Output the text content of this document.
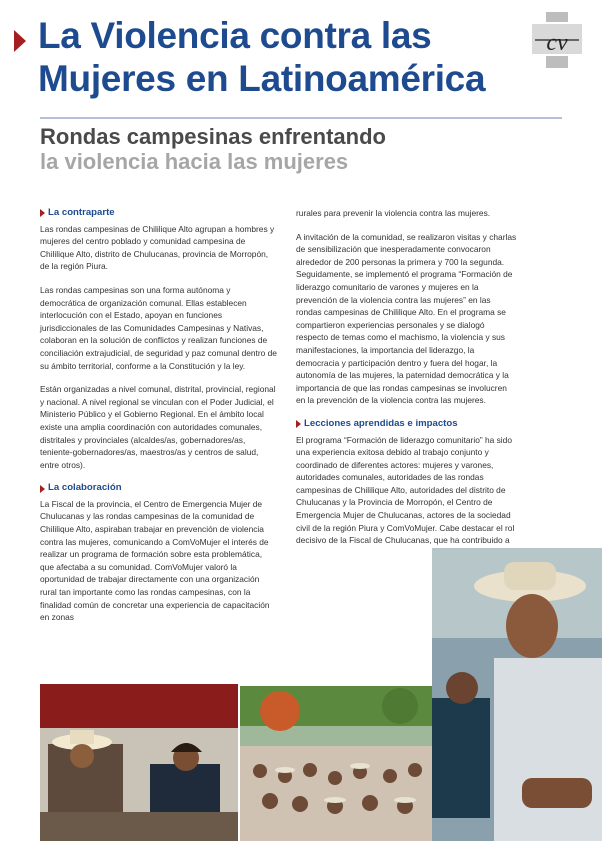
La Violencia contra las
Mujeres en Latinoamérica
cv
Rondas campesinas enfrentando
la violencia hacia las mujeres
La contraparte

Las rondas campesinas de Chililique Alto agrupan a hombres y mujeres del centro poblado y comunidad campesina de Chililique Alto, distrito de Chulucanas, provincia de Morropón, de la región Piura.

Las rondas campesinas son una forma autónoma y democrática de organización comunal. Ellas establecen interlocución con el Estado, apoyan en funciones jurisdiccionales de las Comunidades Campesinas y Nativas, colaboran en la solución de conflictos y realizan funciones de conciliación extrajudicial, de seguridad y paz comunal dentro de su ámbito territorial, conforme a la Constitución y la ley.

Están organizadas a nivel comunal, distrital, provincial, regional y nacional. A nivel regional se vinculan con el Poder Judicial, el Ministerio Público y el Gobierno Regional. En el ámbito local existe una amplia coordinación con autoridades comunales, distritales y provinciales (alcaldes/as, gobernadores/as, teniente-gobernadores/as, maestros/as y centros de salud, entre otros).

La colaboración

La Fiscal de la provincia, el Centro de Emergencia Mujer de Chulucanas y las rondas campesinas de la comunidad de Chililique Alto, aspiraban trabajar en prevención de violencia contra las mujeres, comunicando a ComVoMujer el interés de realizar un programa de formación sobre esta problemática, que afectaba a su comunidad. ComVoMujer valoró la oportunidad de trabajar directamente con una organización rural tan importante como las rondas campesinas, con la finalidad común de concretar una experiencia de capacitación en zonas

rurales para prevenir la violencia contra las mujeres.

A invitación de la comunidad, se realizaron visitas y charlas de sensibilización que inesperadamente convocaron alrededor de 200 personas la primera y 700 la segunda. Seguidamente, se implementó el programa “Formación de liderazgo comunitario de varones y mujeres en la prevención de la violencia contra las mujeres” en las rondas campesinas de Chililique Alto. En el programa se compartieron experiencias personales y se dialogó respecto de temas como el machismo, la violencia y sus manifestaciones, la importancia del liderazgo, la democracia y participación dentro y fuera del hogar, la autonomía de las mujeres, la paternidad democrática y la importancia de que las rondas campesinas se involucren en la prevención de la violencia contra las mujeres.

Lecciones aprendidas e impactos

El programa “Formación de liderazgo comunitario” ha sido una experiencia exitosa debido al trabajo conjunto y coordinado de diferentes actores: mujeres y varones, autoridades comunales, autoridades de las rondas campesinas de Chililique Alto, autoridades del distrito de Chulucanas y la Provincia de Morropón, el Centro de Emergencia Mujer de Chulucanas, actores de la sociedad civil de la región Piura y ComVoMujer. Cabe destacar el rol decisivo de la Fiscal de Chulucanas, que ha contribuido a
